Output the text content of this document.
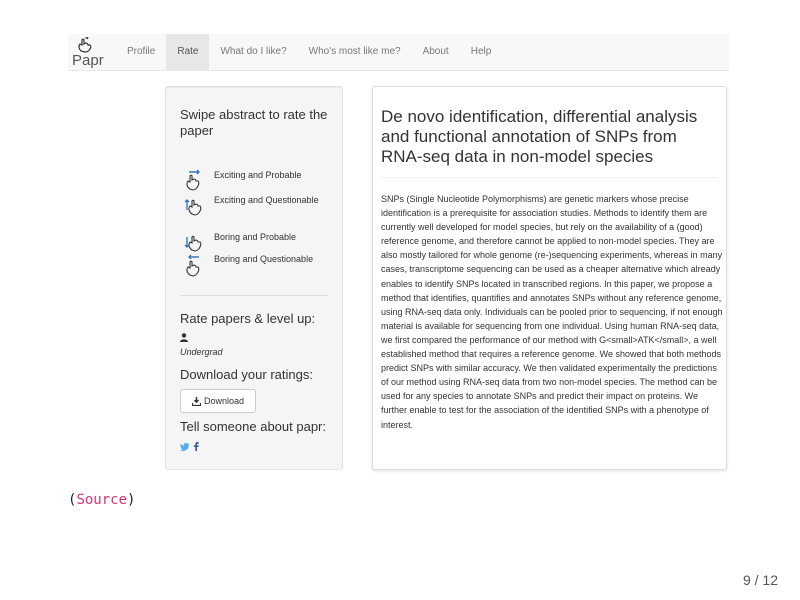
Papr
Profile	Rate	What do I like?	Who's most like me?	About	Help
Swipe abstract to rate the paper
Exciting and Probable
Exciting and Questionable
Boring and Probable
Boring and Questionable
Rate papers & level up:
Undergrad
Download your ratings:
Download
Tell someone about papr:
De novo identification, differential analysis and functional annotation of SNPs from RNA-seq data in non-model species
SNPs (Single Nucleotide Polymorphisms) are genetic markers whose precise identification is a prerequisite for association studies. Methods to identify them are currently well developed for model species, but rely on the availability of a (good) reference genome, and therefore cannot be applied to non-model species. They are also mostly tailored for whole genome (re-)sequencing experiments, whereas in many cases, transcriptome sequencing can be used as a cheaper alternative which already enables to identify SNPs located in transcribed regions. In this paper, we propose a method that identifies, quantifies and annotates SNPs without any reference genome, using RNA-seq data only. Individuals can be pooled prior to sequencing, if not enough material is available for sequencing from one individual. Using human RNA-seq data, we first compared the performance of our method with G<small>ATK</small>, a well established method that requires a reference genome. We showed that both methods predict SNPs with similar accuracy. We then validated experimentally the predictions of our method using RNA-seq data from two non-model species. The method can be used for any species to annotate SNPs and predict their impact on proteins. We further enable to test for the association of the identified SNPs with a phenotype of interest.
(Source)
9 / 12
